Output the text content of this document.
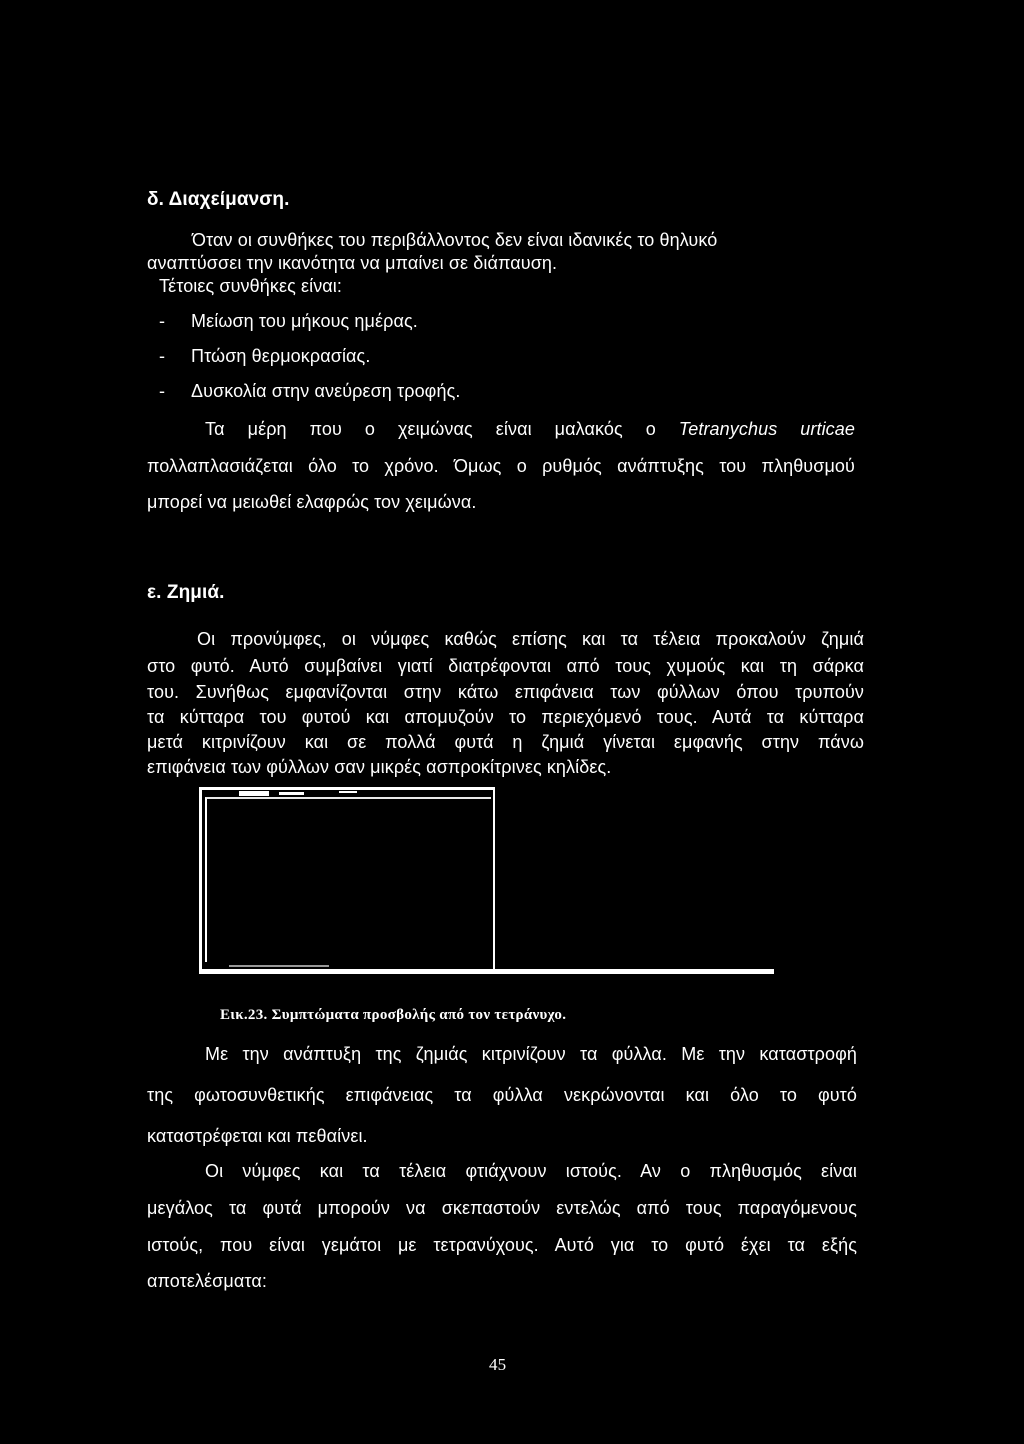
δ. Διαχείμανση.
Όταν οι συνθήκες του περιβάλλοντος δεν είναι ιδανικές το θηλυκό
αναπτύσσει την ικανότητα να μπαίνει σε διάπαυση.
Τέτοιες συνθήκες είναι:
- Μείωση του μήκους ημέρας.
- Πτώση θερμοκρασίας.
- Δυσκολία στην ανεύρεση τροφής.
Τα μέρη που ο χειμώνας είναι μαλακός ο Tetranychus urticae
πολλαπλασιάζεται όλο το χρόνο. Όμως ο ρυθμός ανάπτυξης του πληθυσμού
μπορεί να μειωθεί ελαφρώς τον χειμώνα.
ε. Ζημιά.
Οι προνύμφες, οι νύμφες καθώς επίσης και τα τέλεια προκαλούν ζημιά
στο φυτό. Αυτό συμβαίνει γιατί διατρέφονται από τους χυμούς και τη σάρκα
του. Συνήθως εμφανίζονται στην κάτω επιφάνεια των φύλλων όπου τρυπούν
τα κύτταρα του φυτού και απομυζούν το περιεχόμενό τους. Αυτά τα κύτταρα
μετά κιτρινίζουν και σε πολλά φυτά η ζημιά γίνεται εμφανής στην πάνω
επιφάνεια των φύλλων σαν μικρές ασπροκίτρινες κηλίδες.
Εικ.23. Συμπτώματα προσβολής από τον τετράνυχο.
Με την ανάπτυξη της ζημιάς κιτρινίζουν τα φύλλα. Με την καταστροφή
της φωτοσυνθετικής επιφάνειας τα φύλλα νεκρώνονται και όλο το φυτό
καταστρέφεται και πεθαίνει.
Οι νύμφες και τα τέλεια φτιάχνουν ιστούς. Αν ο πληθυσμός είναι
μεγάλος τα φυτά μπορούν να σκεπαστούν εντελώς από τους παραγόμενους
ιστούς, που είναι γεμάτοι με τετρανύχους. Αυτό για το φυτό έχει τα εξής
αποτελέσματα:
45
